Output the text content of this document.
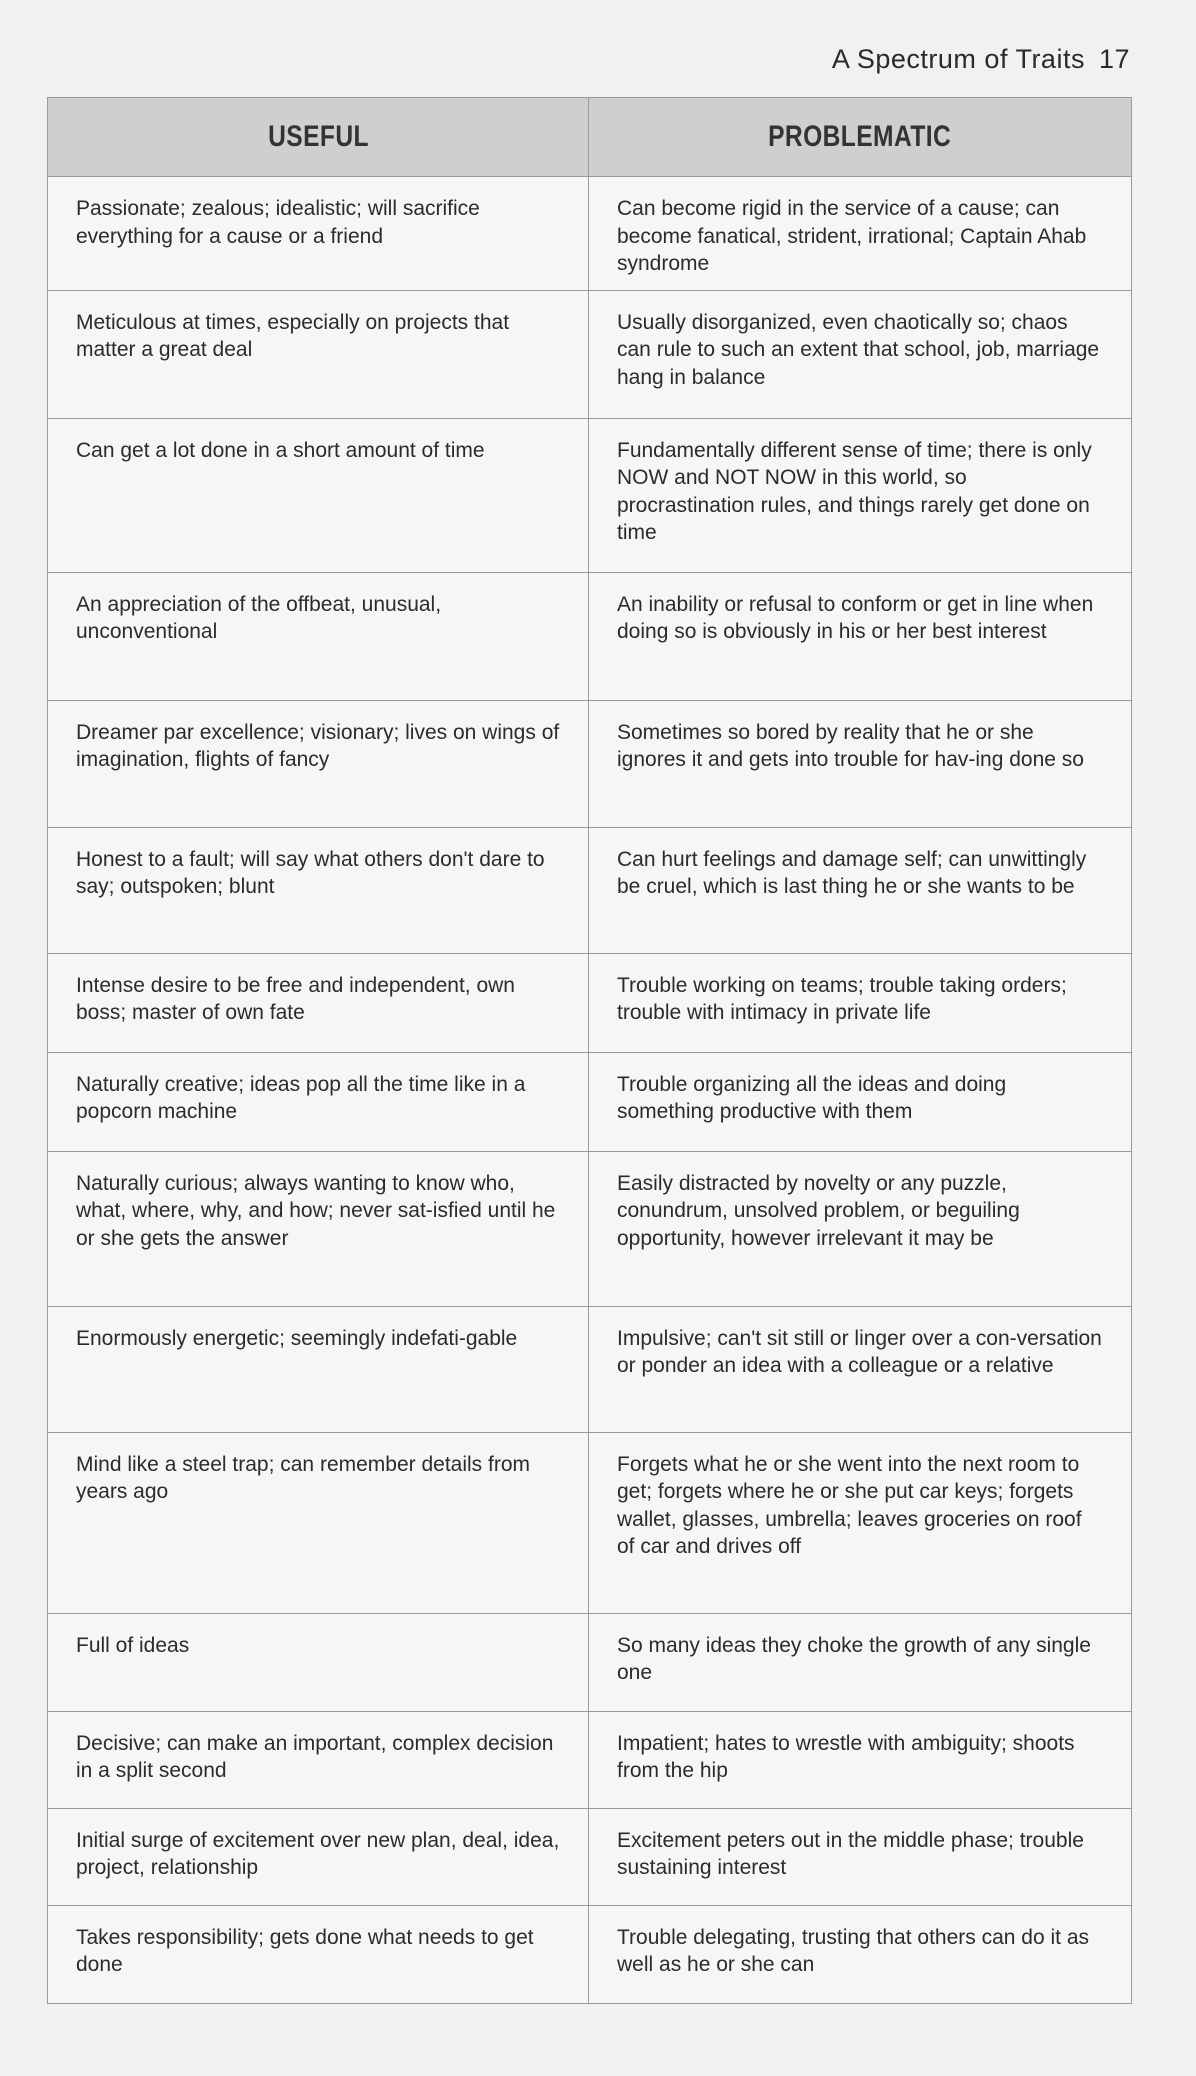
A Spectrum of Traits 17
USEFUL	PROBLEMATIC
Passionate; zealous; idealistic; will sacrifice everything for a cause or a friend	Can become rigid in the service of a cause; can become fanatical, strident, irrational; Captain Ahab syndrome
Meticulous at times, especially on projects that matter a great deal	Usually disorganized, even chaotically so; chaos can rule to such an extent that school, job, marriage hang in balance
Can get a lot done in a short amount of time	Fundamentally different sense of time; there is only NOW and NOT NOW in this world, so procrastination rules, and things rarely get done on time
An appreciation of the offbeat, unusual, unconventional	An inability or refusal to conform or get in line when doing so is obviously in his or her best interest
Dreamer par excellence; visionary; lives on wings of imagination, flights of fancy	Sometimes so bored by reality that he or she ignores it and gets into trouble for hav-ing done so
Honest to a fault; will say what others don't dare to say; outspoken; blunt	Can hurt feelings and damage self; can unwittingly be cruel, which is last thing he or she wants to be
Intense desire to be free and independent, own boss; master of own fate	Trouble working on teams; trouble taking orders; trouble with intimacy in private life
Naturally creative; ideas pop all the time like in a popcorn machine	Trouble organizing all the ideas and doing something productive with them
Naturally curious; always wanting to know who, what, where, why, and how; never sat-isfied until he or she gets the answer	Easily distracted by novelty or any puzzle, conundrum, unsolved problem, or beguiling opportunity, however irrelevant it may be
Enormously energetic; seemingly indefati-gable	Impulsive; can't sit still or linger over a con-versation or ponder an idea with a colleague or a relative
Mind like a steel trap; can remember details from years ago	Forgets what he or she went into the next room to get; forgets where he or she put car keys; forgets wallet, glasses, umbrella; leaves groceries on roof of car and drives off
Full of ideas	So many ideas they choke the growth of any single one
Decisive; can make an important, complex decision in a split second	Impatient; hates to wrestle with ambiguity; shoots from the hip
Initial surge of excitement over new plan, deal, idea, project, relationship	Excitement peters out in the middle phase; trouble sustaining interest
Takes responsibility; gets done what needs to get done	Trouble delegating, trusting that others can do it as well as he or she can
